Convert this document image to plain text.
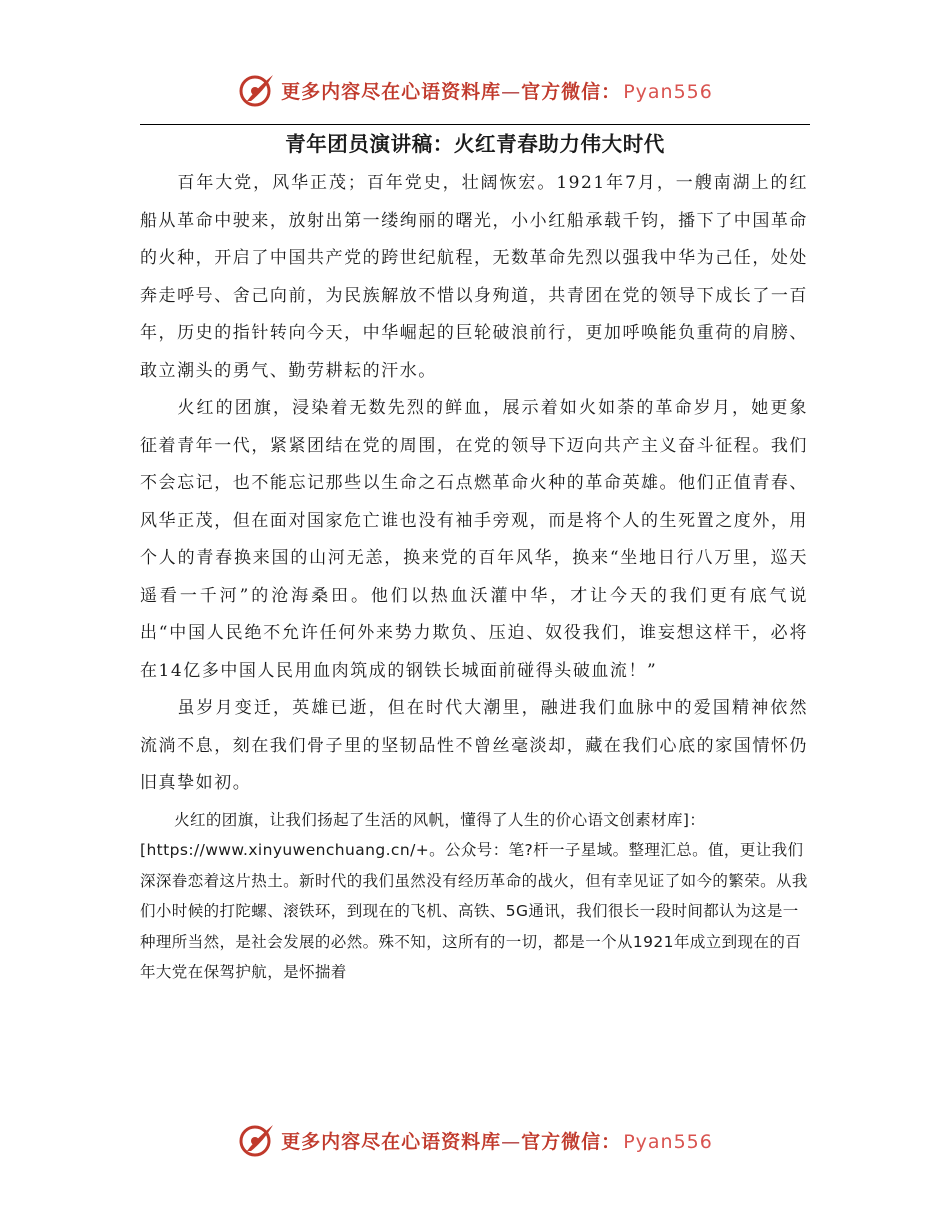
更多内容尽在心语资料库—官方微信： Pyan556
青年团员演讲稿：火红青春助力伟大时代

百年大党，风华正茂；百年党史，壮阔恢宏。1921年7月，一艘南湖上的红船从革命中驶来，放射出第一缕绚丽的曙光，小小红船承载千钧，播下了中国革命的火种，开启了中国共产党的跨世纪航程，无数革命先烈以强我中华为己任，处处奔走呼号、舍己向前，为民族解放不惜以身殉道，共青团在党的领导下成长了一百年，历史的指针转向今天，中华崛起的巨轮破浪前行，更加呼唤能负重荷的肩膀、敢立潮头的勇气、勤劳耕耘的汗水。

火红的团旗，浸染着无数先烈的鲜血，展示着如火如荼的革命岁月，她更象征着青年一代，紧紧团结在党的周围，在党的领导下迈向共产主义奋斗征程。我们不会忘记，也不能忘记那些以生命之石点燃革命火种的革命英雄。他们正值青春、风华正茂，但在面对国家危亡谁也没有袖手旁观，而是将个人的生死置之度外，用个人的青春换来国的山河无恙，换来党的百年风华，换来“坐地日行八万里，巡天遥看一千河”的沧海桑田。他们以热血沃灌中华，才让今天的我们更有底气说出“中国人民绝不允许任何外来势力欺负、压迫、奴役我们，谁妄想这样干，必将在14亿多中国人民用血肉筑成的钢铁长城面前碰得头破血流！”

虽岁月变迁，英雄已逝，但在时代大潮里，融进我们血脉中的爱国精神依然流淌不息，刻在我们骨子里的坚韧品性不曾丝毫淡却，藏在我们心底的家国情怀仍旧真挚如初。

火红的团旗，让我们扬起了生活的风帆，懂得了人生的价心语文创素材库]：
[https://www.xinyuwenchuang.cn/+。公众号：笔?杆一子星域。整理汇总。值，更让我们深深眷恋着这片热土。新时代的我们虽然没有经历革命的战火，但有幸见证了如今的繁荣。从我们小时候的打陀螺、滚铁环，到现在的飞机、高铁、5G通讯，我们很长一段时间都认为这是一种理所当然，是社会发展的必然。殊不知，这所有的一切，都是一个从1921年成立到现在的百年大党在保驾护航，是怀揣着

更多内容尽在心语资料库—官方微信： Pyan556
